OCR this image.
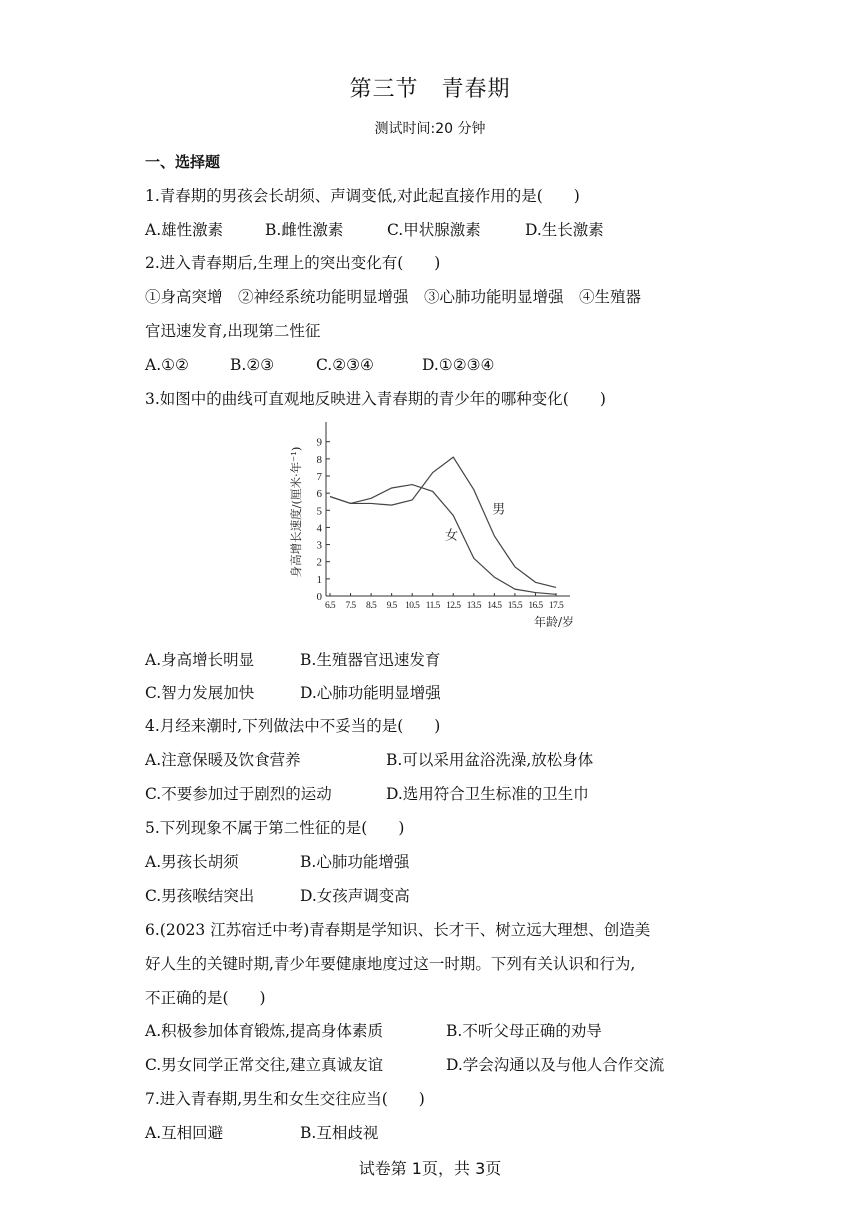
第三节　青春期
测试时间:20 分钟
一、选择题
1.青春期的男孩会长胡须、声调变低,对此起直接作用的是(　　)
A.雄性激素	B.雌性激素	C.甲状腺激素	D.生长激素
2.进入青春期后,生理上的突出变化有(　　)
①身高突增　②神经系统功能明显增强　③心肺功能明显增强　④生殖器
官迅速发育,出现第二性征
A.①②	B.②③	C.②③④	D.①②③④
3.如图中的曲线可直观地反映进入青春期的青少年的哪种变化(　　)
0
1
2
3
4
5
6
7
8
9
6.5 7.5 8.5 9.5 10.5 11.5 12.5 13.5 14.5 15.5 16.5 17.5
男
女
年龄/岁
身高增长速度/(厘米·年⁻¹)
A.身高增长明显	B.生殖器官迅速发育
C.智力发展加快	D.心肺功能明显增强
4.月经来潮时,下列做法中不妥当的是(　　)
A.注意保暖及饮食营养	B.可以采用盆浴洗澡,放松身体
C.不要参加过于剧烈的运动	D.选用符合卫生标准的卫生巾
5.下列现象不属于第二性征的是(　　)
A.男孩长胡须	B.心肺功能增强
C.男孩喉结突出	D.女孩声调变高
6.(2023 江苏宿迁中考)青春期是学知识、长才干、树立远大理想、创造美
好人生的关键时期,青少年要健康地度过这一时期。下列有关认识和行为,
不正确的是(　　)
A.积极参加体育锻炼,提高身体素质	B.不听父母正确的劝导
C.男女同学正常交往,建立真诚友谊	D.学会沟通以及与他人合作交流
7.进入青春期,男生和女生交往应当(　　)
A.互相回避	B.互相歧视
试卷第 1页，共 3页
